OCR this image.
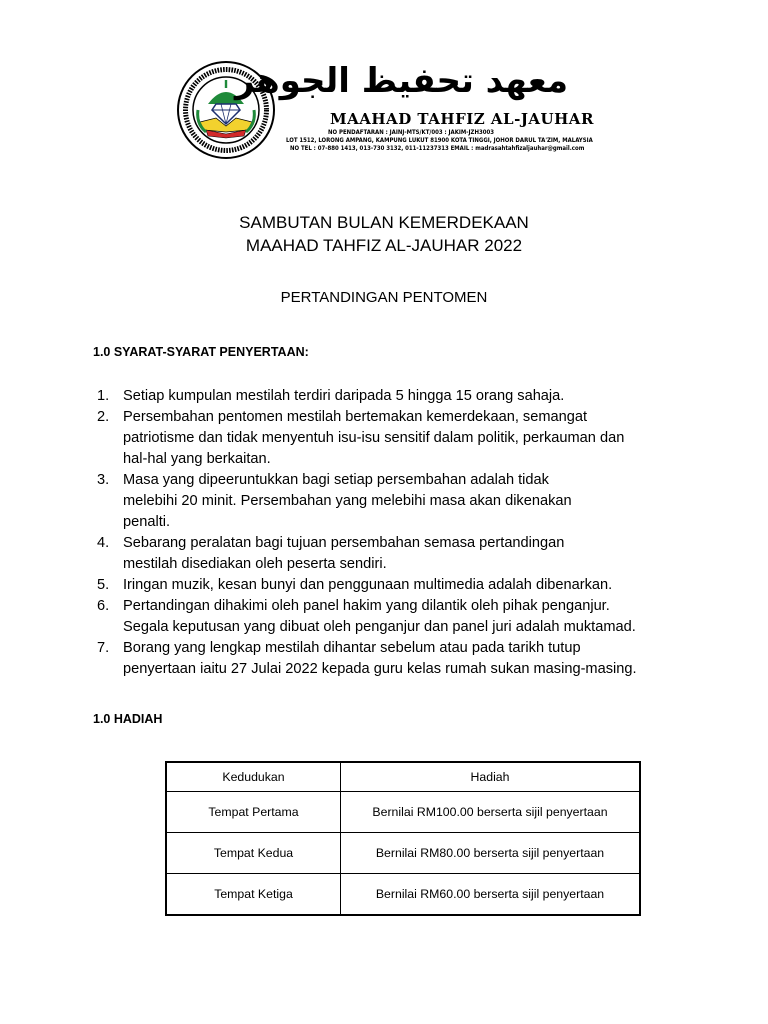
معهد تحفيظ الجوهر
MAAHAD TAHFIZ AL-JAUHAR
NO PENDAFTARAN : JAINJ-MTS/KT/003 : JAKIM-JZH3003
LOT 1512, LORONG AMPANG, KAMPUNG LUKUT 81900 KOTA TINGGI, JOHOR DARUL TA'ZIM, MALAYSIA
NO TEL : 07-880 1413, 013-730 3132, 011-11237313 EMAIL : madrasahtahfizaljauhar@gmail.com
SAMBUTAN BULAN KEMERDEKAAN
MAAHAD TAHFIZ AL-JAUHAR 2022
PERTANDINGAN PENTOMEN
1.0 SYARAT-SYARAT PENYERTAAN:
1. Setiap kumpulan mestilah terdiri daripada 5 hingga 15 orang sahaja.
2. Persembahan pentomen mestilah bertemakan kemerdekaan, semangat
patriotisme dan tidak menyentuh isu-isu sensitif dalam politik, perkauman dan
hal-hal yang berkaitan.
3. Masa yang dipeeruntukkan bagi setiap persembahan adalah tidak
melebihi 20 minit. Persembahan yang melebihi masa akan dikenakan
penalti.
4. Sebarang peralatan bagi tujuan persembahan semasa pertandingan
mestilah disediakan oleh peserta sendiri.
5. Iringan muzik, kesan bunyi dan penggunaan multimedia adalah dibenarkan.
6. Pertandingan dihakimi oleh panel hakim yang dilantik oleh pihak penganjur.
Segala keputusan yang dibuat oleh penganjur dan panel juri adalah muktamad.
7. Borang yang lengkap mestilah dihantar sebelum atau pada tarikh tutup
penyertaan iaitu 27 Julai 2022 kepada guru kelas rumah sukan masing-masing.
1.0 HADIAH
Kedudukan	Hadiah
Tempat Pertama	Bernilai RM100.00 berserta sijil penyertaan
Tempat Kedua	Bernilai RM80.00 berserta sijil penyertaan
Tempat Ketiga	Bernilai RM60.00 berserta sijil penyertaan
